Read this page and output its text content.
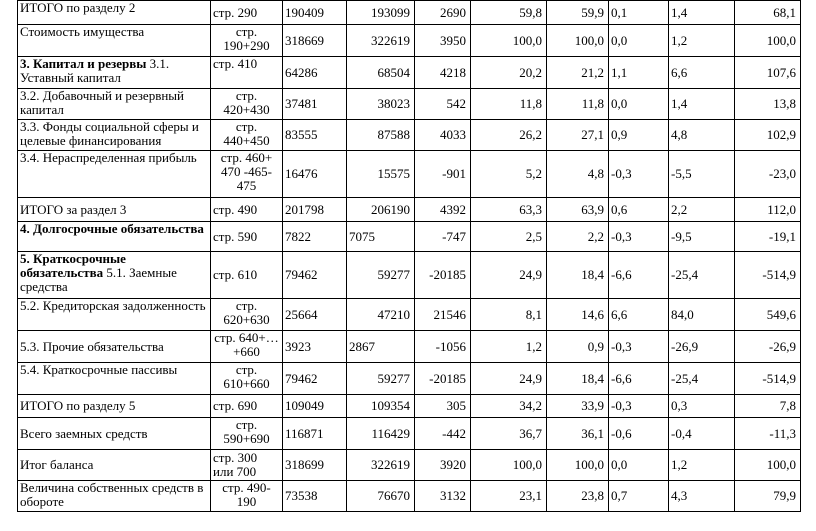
ИТОГО по разделу 2	стр. 290	190409	193099	2690	59,8	59,9	0,1	1,4	68,1
Стоимость имущества	стр. 190+290	318669	322619	3950	100,0	100,0	0,0	1,2	100,0
3. Капитал и резервы 3.1. Уставный капитал	стр. 410	64286	68504	4218	20,2	21,2	1,1	6,6	107,6
3.2. Добавочный и резервный капитал	стр. 420+430	37481	38023	542	11,8	11,8	0,0	1,4	13,8
3.3. Фонды социальной сферы и целевые финансирования	стр. 440+450	83555	87588	4033	26,2	27,1	0,9	4,8	102,9
3.4. Нераспределенная прибыль	стр. 460+ 470 -465- 475	16476	15575	-901	5,2	4,8	-0,3	-5,5	-23,0
ИТОГО за раздел 3	стр. 490	201798	206190	4392	63,3	63,9	0,6	2,2	112,0
4. Долгосрочные обязательства	стр. 590	7822	7075	-747	2,5	2,2	-0,3	-9,5	-19,1
5. Краткосрочные обязательства 5.1. Заемные средства	стр. 610	79462	59277	-20185	24,9	18,4	-6,6	-25,4	-514,9
5.2. Кредиторская задолженность	стр. 620+630	25664	47210	21546	8,1	14,6	6,6	84,0	549,6
5.3. Прочие обязательства	стр. 640+…+660	3923	2867	-1056	1,2	0,9	-0,3	-26,9	-26,9
5.4. Краткосрочные пассивы	стр. 610+660	79462	59277	-20185	24,9	18,4	-6,6	-25,4	-514,9
ИТОГО по разделу 5	стр. 690	109049	109354	305	34,2	33,9	-0,3	0,3	7,8
Всего заемных средств	стр. 590+690	116871	116429	-442	36,7	36,1	-0,6	-0,4	-11,3
Итог баланса	стр. 300 или 700	318699	322619	3920	100,0	100,0	0,0	1,2	100,0
Величина собственных средств в обороте	стр. 490-190	73538	76670	3132	23,1	23,8	0,7	4,3	79,9
